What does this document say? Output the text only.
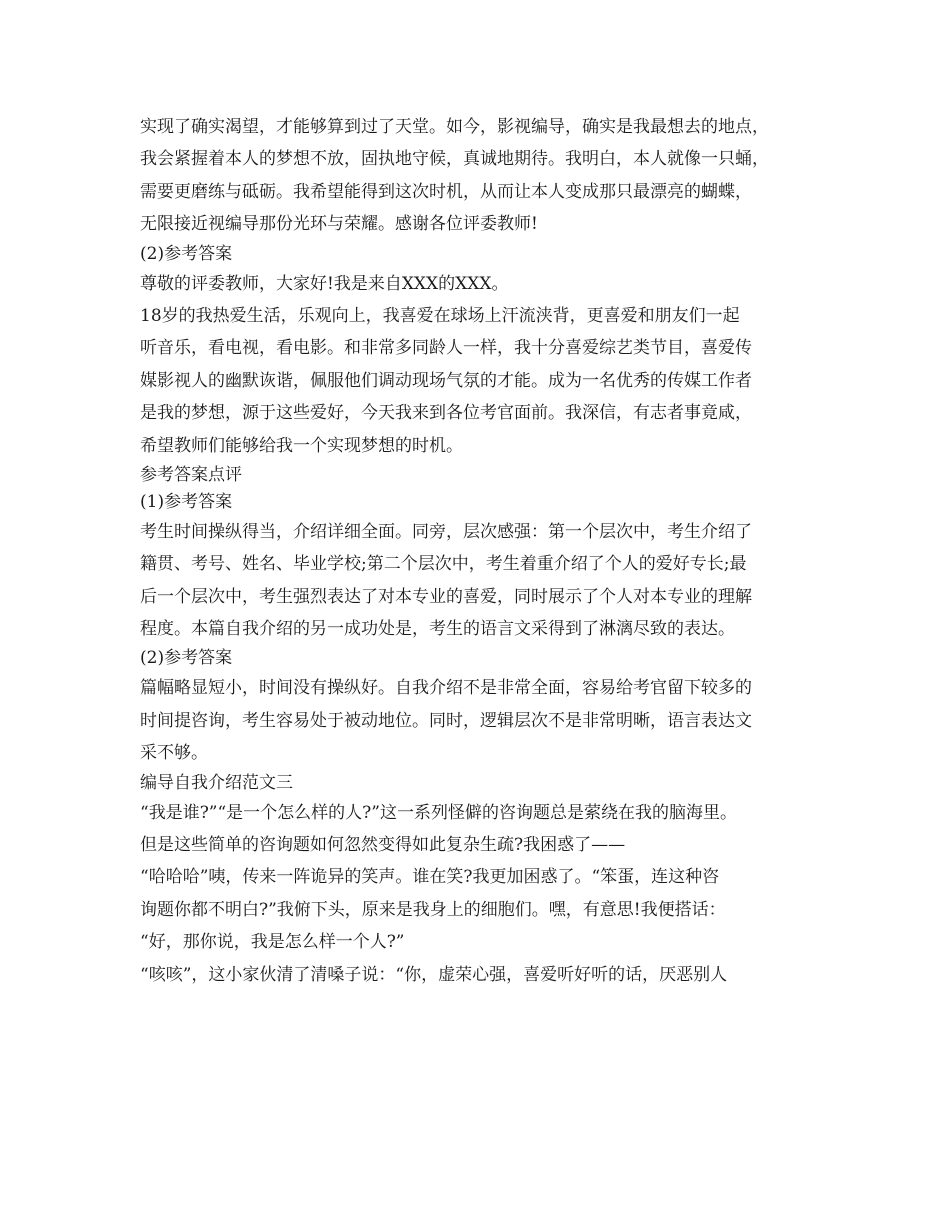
实现了确实渴望，才能够算到过了天堂。如今，影视编导，确实是我最想去的地点，
我会紧握着本人的梦想不放，固执地守候，真诚地期待。我明白，本人就像一只蛹，
需要更磨练与砥砺。我希望能得到这次时机，从而让本人变成那只最漂亮的蝴蝶，
无限接近视编导那份光环与荣耀。感谢各位评委教师!
(2)参考答案
尊敬的评委教师，大家好!我是来自XXX的XXX。
18岁的我热爱生活，乐观向上，我喜爱在球场上汗流浃背，更喜爱和朋友们一起
听音乐，看电视，看电影。和非常多同龄人一样，我十分喜爱综艺类节目，喜爱传
媒影视人的幽默诙谐，佩服他们调动现场气氛的才能。成为一名优秀的传媒工作者
是我的梦想，源于这些爱好，今天我来到各位考官面前。我深信，有志者事竟咸，
希望教师们能够给我一个实现梦想的时机。
参考答案点评
(1)参考答案
考生时间操纵得当，介绍详细全面。同旁，层次感强：第一个层次中，考生介绍了
籍贯、考号、姓名、毕业学校;第二个层次中，考生着重介绍了个人的爱好专长;最
后一个层次中，考生强烈表达了对本专业的喜爱，同时展示了个人对本专业的理解
程度。本篇自我介绍的另一成功处是，考生的语言文采得到了淋漓尽致的表达。
(2)参考答案
篇幅略显短小，时间没有操纵好。自我介绍不是非常全面，容易给考官留下较多的
时间提咨询，考生容易处于被动地位。同时，逻辑层次不是非常明晰，语言表达文
采不够。
编导自我介绍范文三
“我是谁?”“是一个怎么样的人?”这一系列怪僻的咨询题总是萦绕在我的脑海里。
但是这些简单的咨询题如何忽然变得如此复杂生疏?我困惑了——
“哈哈哈”咦，传来一阵诡异的笑声。谁在笑?我更加困惑了。“笨蛋，连这种咨
询题你都不明白?”我俯下头，原来是我身上的细胞们。嘿，有意思!我便搭话：
“好，那你说，我是怎么样一个人?”
“咳咳”，这小家伙清了清嗓子说：“你，虚荣心强，喜爱听好听的话，厌恶别人
